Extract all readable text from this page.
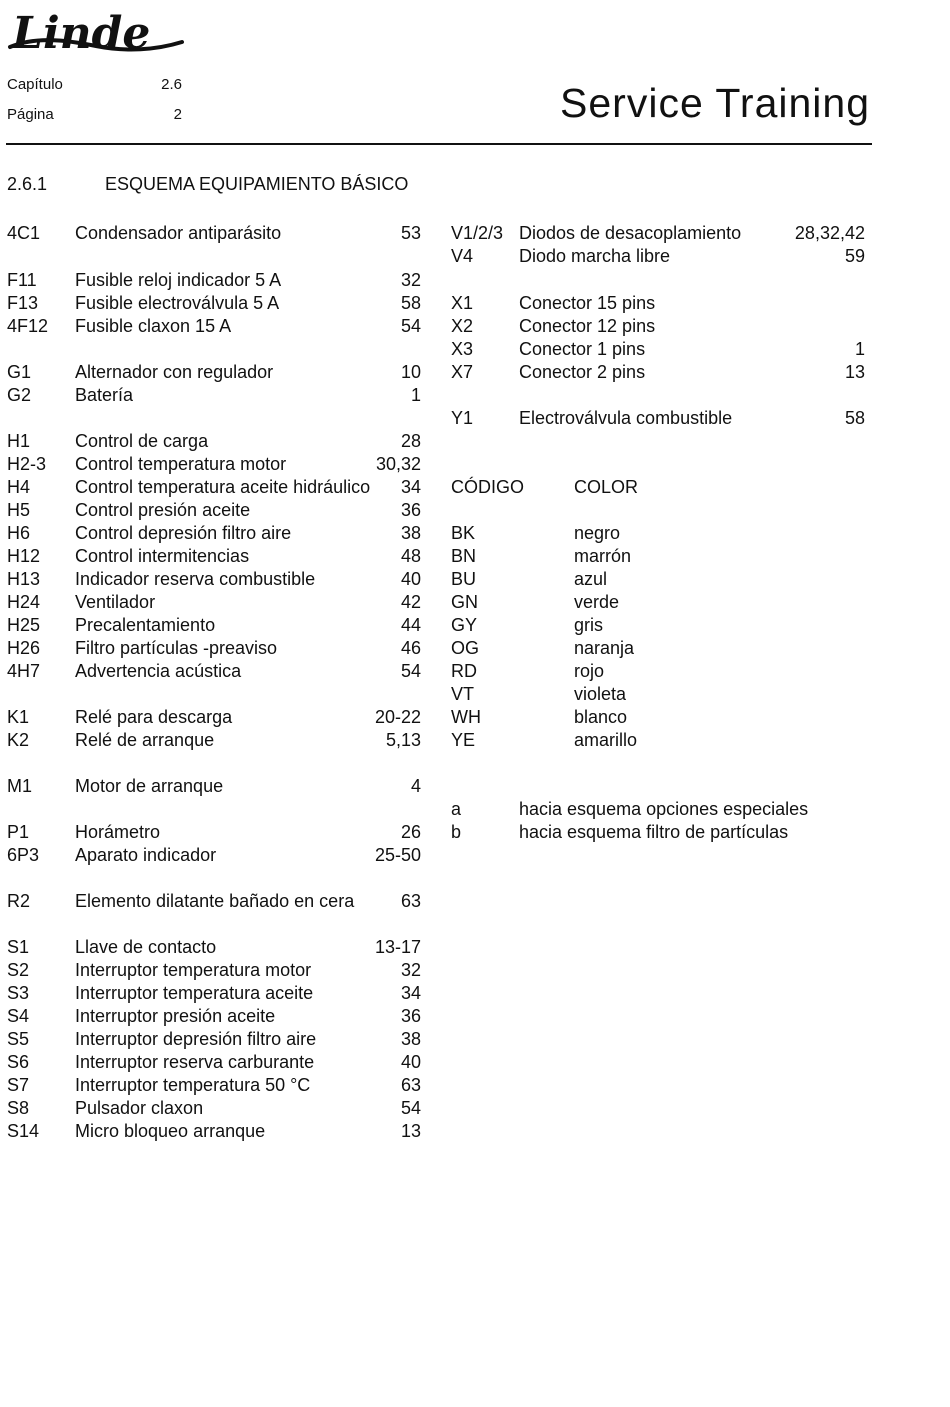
Linde
Capítulo	2.6
Página	2	Service Training
2.6.1	ESQUEMA EQUIPAMIENTO BÁSICO
4C1 Condensador antiparásito	53
F11 Fusible reloj indicador 5 A	32
F13 Fusible electroválvula 5 A	58
4F12 Fusible claxon 15 A	54
G1 Alternador con regulador	10
G2 Batería	1
H1 Control de carga	28
H2-3 Control temperatura motor	30,32
H4 Control temperatura aceite hidráulico 34
H5 Control presión aceite	36
H6 Control depresión filtro aire	38
H12 Control intermitencias	48
H13 Indicador reserva combustible	40
H24 Ventilador	42
H25 Precalentamiento	44
H26 Filtro partículas -preaviso	46
4H7 Advertencia acústica	54
K1	Relé para descarga	20-22
K2	Relé de arranque	5,13
M1 Motor de arranque	4
P1	Horámetro	26
6P3 Aparato indicador	25-50
R2 Elemento dilatante bañado en cera	63
S1	Llave de contacto	13-17
S2	Interruptor temperatura motor	32
S3	Interruptor temperatura aceite	34
S4	Interruptor presión aceite	36
S5	Interruptor depresión filtro aire	38
S6	Interruptor reserva carburante	40
S7	Interruptor temperatura 50 °C	63
S8	Pulsador claxon	54
S14 Micro bloqueo arranque	13
V1/2/3 Diodos de desacoplamiento	28,32,42
V4	Diodo marcha libre	59
X1	Conector 15 pins
X2	Conector 12 pins
X3	Conector 1 pins	1
X7	Conector 2 pins	13
Y1	Electroválvula combustible	58
CÓDIGO	COLOR
BK	negro
BN	marrón
BU	azul
GN	verde
GY	gris
OG	naranja
RD	rojo
VT	violeta
WH	blanco
YE	amarillo
a	hacia esquema opciones especiales
b	hacia esquema filtro de partículas
